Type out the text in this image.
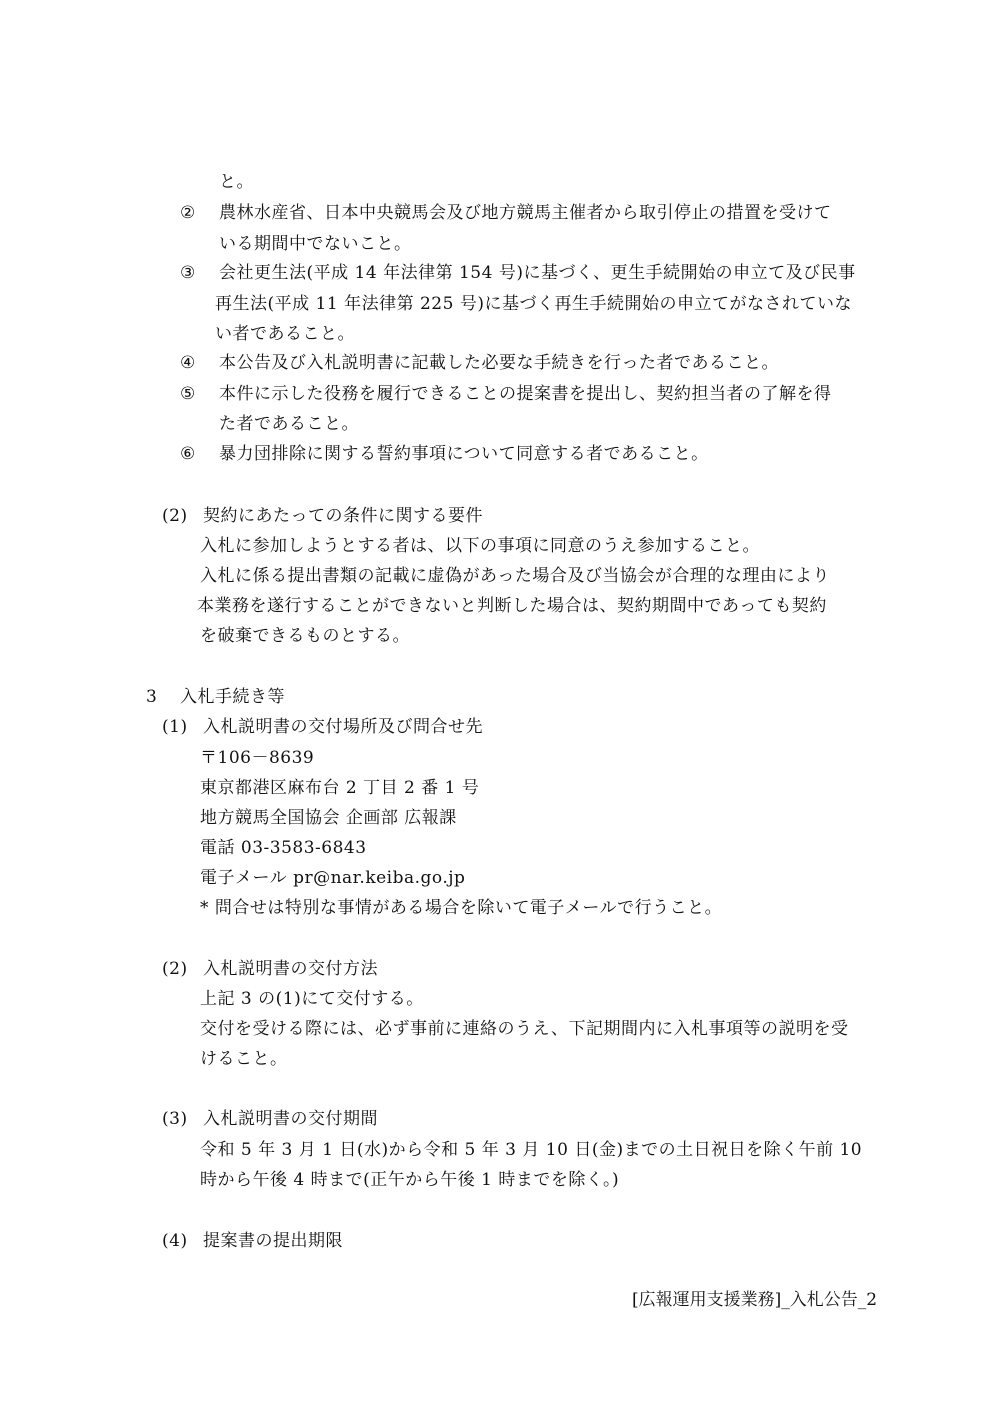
と。
② 農林水産省、日本中央競馬会及び地方競馬主催者から取引停止の措置を受けて
いる期間中でないこと。
③ 会社更生法(平成 14 年法律第 154 号)に基づく、更生手続開始の申立て及び民事
再生法(平成 11 年法律第 225 号)に基づく再生手続開始の申立てがなされていな
い者であること。
④ 本公告及び入札説明書に記載した必要な手続きを行った者であること。
⑤ 本件に示した役務を履行できることの提案書を提出し、契約担当者の了解を得
た者であること。
⑥ 暴力団排除に関する誓約事項について同意する者であること。
(2) 契約にあたっての条件に関する要件
入札に参加しようとする者は、以下の事項に同意のうえ参加すること。
入札に係る提出書類の記載に虚偽があった場合及び当協会が合理的な理由により
本業務を遂行することができないと判断した場合は、契約期間中であっても契約
を破棄できるものとする。
3 入札手続き等
(1) 入札説明書の交付場所及び問合せ先
〒106－8639
東京都港区麻布台 2 丁目 2 番 1 号
地方競馬全国協会 企画部 広報課
電話 03-3583-6843
電子メール pr@nar.keiba.go.jp
* 問合せは特別な事情がある場合を除いて電子メールで行うこと。
(2) 入札説明書の交付方法
上記 3 の(1)にて交付する。
交付を受ける際には、必ず事前に連絡のうえ、下記期間内に入札事項等の説明を受
けること。
(3) 入札説明書の交付期間
令和 5 年 3 月 1 日(水)から令和 5 年 3 月 10 日(金)までの土日祝日を除く午前 10
時から午後 4 時まで(正午から午後 1 時までを除く。)
(4) 提案書の提出期限
[広報運用支援業務]_入札公告_2
